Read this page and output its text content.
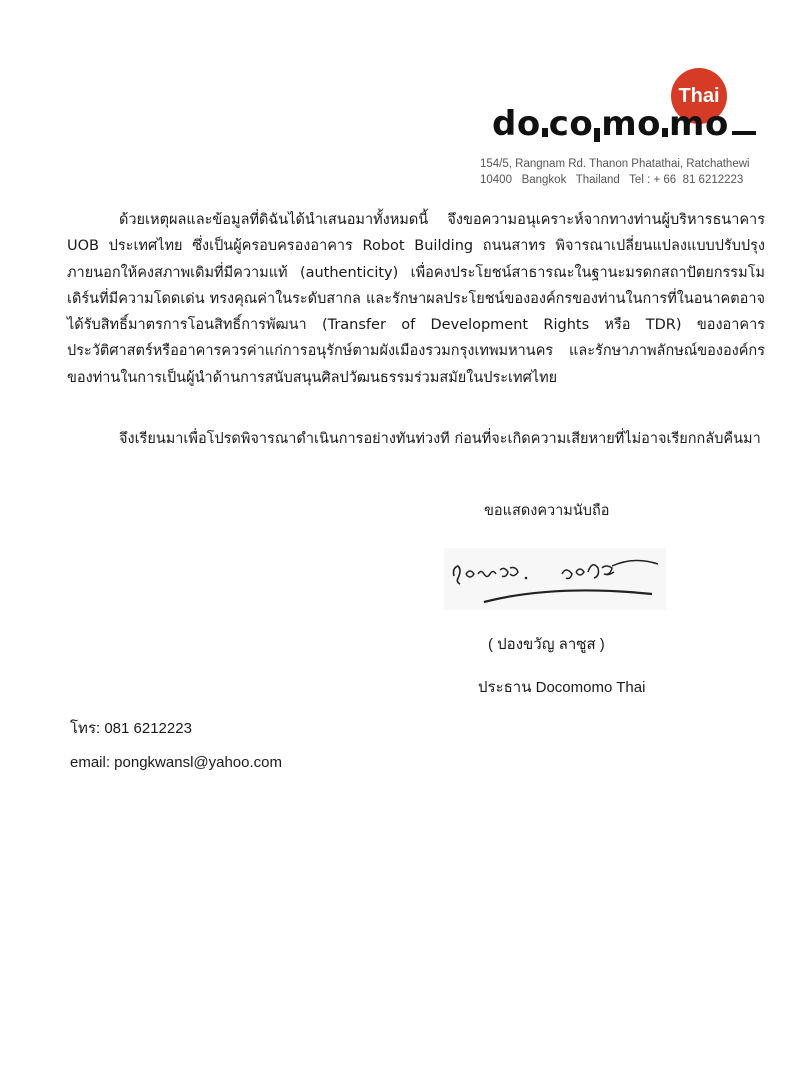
Thai
do co mo mo
154/5, Rangnam Rd. Thanon Phatathai, Ratchathewi
10400   Bangkok   Thailand   Tel : + 66  81 6212223

ด้วยเหตุผลและข้อมูลที่ดิฉันได้นำเสนอมาทั้งหมดนี้ จึงขอความอนุเคราะห์จากทางท่านผู้บริหารธนาคาร UOB ประเทศไทย ซึ่งเป็นผู้ครอบครองอาคาร Robot Building ถนนสาทร พิจารณาเปลี่ยนแปลงแบบปรับปรุงภายนอกให้คงสภาพเดิมที่มีความแท้ (authenticity) เพื่อคงประโยชน์สาธารณะในฐานะมรดกสถาปัตยกรรมโมเดิร์นที่มีความโดดเด่น ทรงคุณค่าในระดับสากล และรักษาผลประโยชน์ขององค์กรของท่านในการที่ในอนาคตอาจได้รับสิทธิ์มาตรการโอนสิทธิ์การพัฒนา (Transfer of Development Rights หรือ TDR) ของอาคารประวัติศาสตร์หรืออาคารควรค่าแก่การอนุรักษ์ตามผังเมืองรวมกรุงเทพมหานคร และรักษาภาพลักษณ์ขององค์กรของท่านในการเป็นผู้นำด้านการสนับสนุนศิลปวัฒนธรรมร่วมสมัยในประเทศไทย

จึงเรียนมาเพื่อโปรดพิจารณาดำเนินการอย่างทันท่วงที ก่อนที่จะเกิดความเสียหายที่ไม่อาจเรียกกลับคืนมา

ขอแสดงความนับถือ
( ปองขวัญ ลาซูส )
ประธาน Docomomo Thai
โทร: 081 6212223
email: pongkwansl@yahoo.com
